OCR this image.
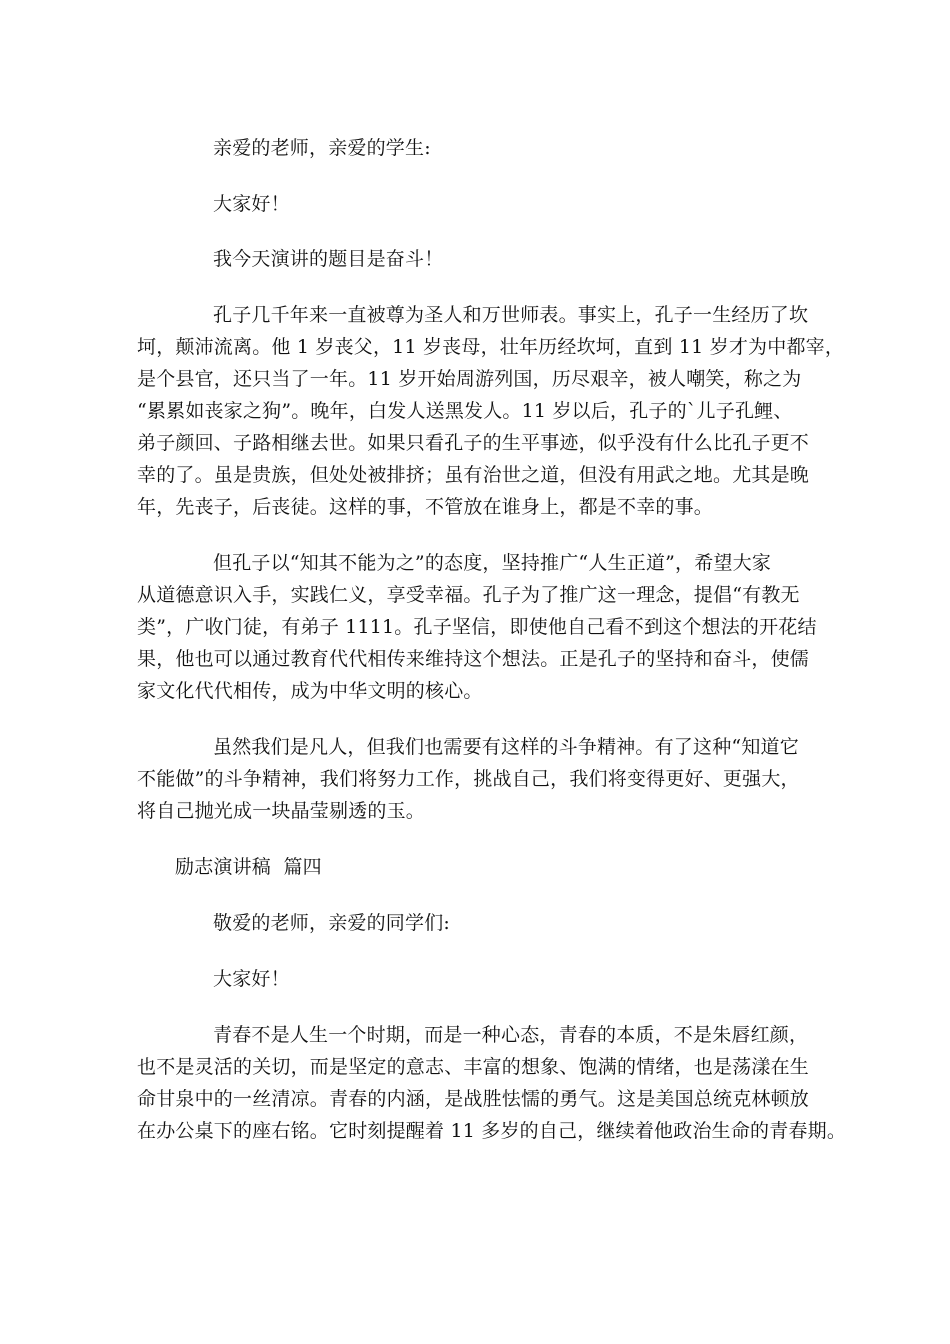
亲爱的老师，亲爱的学生:
大家好！
我今天演讲的题目是奋斗！
孔子几千年来一直被尊为圣人和万世师表。事实上，孔子一生经历了坎
坷，颠沛流离。他 1 岁丧父，11 岁丧母，壮年历经坎坷，直到 11 岁才为中都宰，
是个县官，还只当了一年。11 岁开始周游列国，历尽艰辛，被人嘲笑，称之为
“累累如丧家之狗”。晚年，白发人送黑发人。11 岁以后，孔子的`儿子孔鲤、
弟子颜回、子路相继去世。如果只看孔子的生平事迹，似乎没有什么比孔子更不
幸的了。虽是贵族，但处处被排挤；虽有治世之道，但没有用武之地。尤其是晚
年，先丧子，后丧徒。这样的事，不管放在谁身上，都是不幸的事。
但孔子以“知其不能为之”的态度，坚持推广“人生正道”，希望大家
从道德意识入手，实践仁义，享受幸福。孔子为了推广这一理念，提倡“有教无
类”，广收门徒，有弟子 1111。孔子坚信，即使他自己看不到这个想法的开花结
果，他也可以通过教育代代相传来维持这个想法。正是孔子的坚持和奋斗，使儒
家文化代代相传，成为中华文明的核心。
虽然我们是凡人，但我们也需要有这样的斗争精神。有了这种“知道它
不能做”的斗争精神，我们将努力工作，挑战自己，我们将变得更好、更强大，
将自己抛光成一块晶莹剔透的玉。
励志演讲稿  篇四
敬爱的老师，亲爱的同学们:
大家好！
青春不是人生一个时期，而是一种心态，青春的本质，不是朱唇红颜，
也不是灵活的关切，而是坚定的意志、丰富的想象、饱满的情绪，也是荡漾在生
命甘泉中的一丝清凉。青春的内涵，是战胜怯懦的勇气。这是美国总统克林顿放
在办公桌下的座右铭。它时刻提醒着 11 多岁的自己，继续着他政治生命的青春期。
